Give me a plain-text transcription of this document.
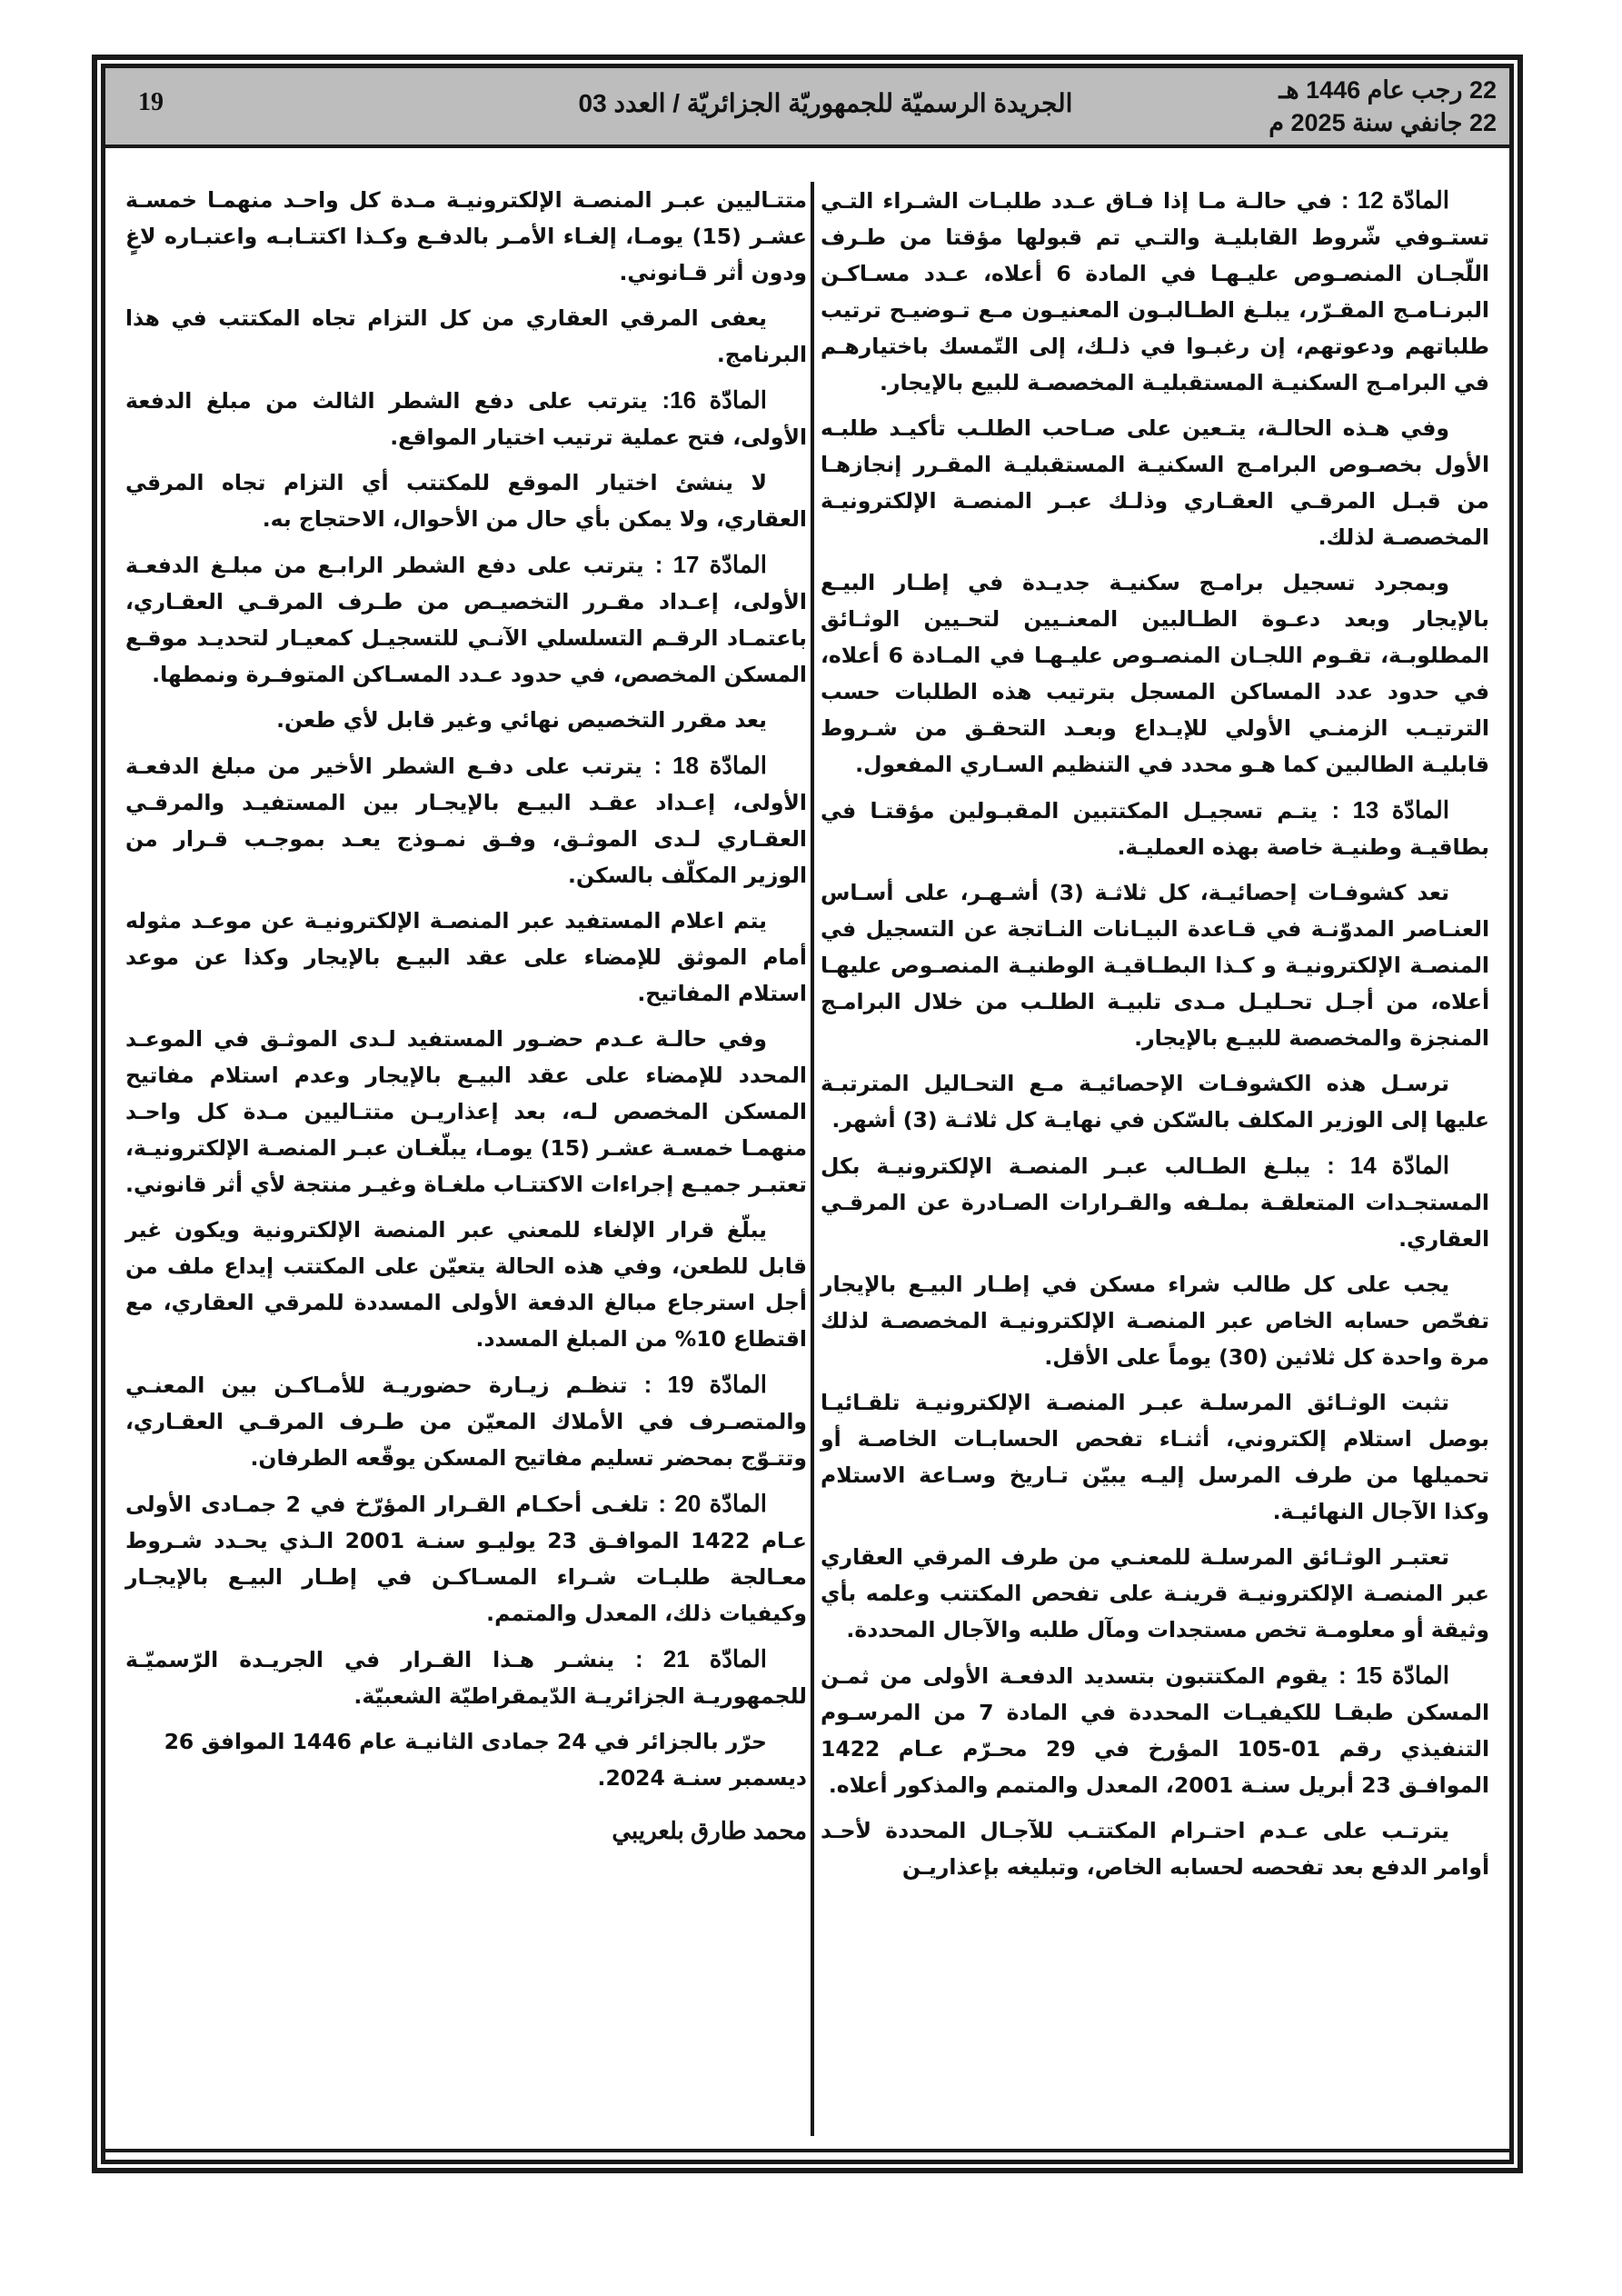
22 رجب عام 1446 هـ
22 جانفي سنة 2025 م
الجريدة الرسميّة للجمهوريّة الجزائريّة / العدد 03
19

المادّة 12 : في حالـة مـا إذا فـاق عـدد طلبـات الشـراء التـي تستـوفي شّروط القابليـة والتـي تم قبولها مؤقتا من طـرف اللّجـان المنصـوص عليـهـا في المادة 6 أعلاه، عـدد مسـاكـن البرنـامـج المقـرّر، يبلـغ الطـالبـون المعنيـون مـع تـوضيـح ترتيب طلباتهم ودعوتهم، إن رغبـوا في ذلـك، إلى التّمسك باختيارهـم في البرامـج السكنيـة المستقبليـة المخصصـة للبيع بالإيجار.

وفي هـذه الحالـة، يتـعين على صـاحب الطلـب تأكيـد طلبـه الأول بخصـوص البرامـج السكنيـة المستقبليـة المقـرر إنجازهـا من قبـل المرقـي العقـاري وذلـك عبـر المنصـة الإلكترونيـة المخصصـة لذلك.

وبمجرد تسجيل برامـج سكنيـة جديـدة في إطـار البيـع بالإيجار وبعد دعـوة الطـالبين المعنـيين لتحـيين الوثـائق المطلوبـة، تقـوم اللجـان المنصـوص عليـهـا في المـادة 6 أعلاه، في حدود عدد المساكن المسجل بترتيب هذه الطلبات حسب الترتيـب الزمنـي الأولي للإيـداع وبعـد التحقـق من شـروط قابليـة الطالبين كما هـو محدد في التنظيم السـاري المفعول.

المادّة 13 : يتـم تسجيـل المكتتبين المقبـولين مؤقتـا في بطاقيـة وطنيـة خاصة بهذه العمليـة.

تعد كشوفـات إحصائيـة، كل ثلاثـة (3) أشـهـر، على أسـاس العنـاصر المدوّنـة في قـاعدة البيـانات النـاتجة عن التسجيل في المنصـة الإلكترونيـة و كـذا البطـاقيـة الوطنيـة المنصـوص عليهـا أعلاه، من أجـل تحـليـل مـدى تلبيـة الطلـب من خلال البرامـج المنجزة والمخصصة للبيـع بالإيجار.

ترسـل هذه الكشوفـات الإحصائيـة مـع التحـاليل المترتبـة عليها إلى الوزير المكلف بالسّكن في نهايـة كل ثلاثـة (3) أشهر.

المادّة 14 : يبلـغ الطـالب عبـر المنصـة الإلكترونيـة بكل المستجـدات المتعلقـة بملـفه والقـرارات الصـادرة عن المرقـي العقاري.

يجب على كل طالب شراء مسكن في إطـار البيـع بالإيجار تفحّص حسابه الخاص عبر المنصـة الإلكترونيـة المخصصـة لذلك مرة واحدة كل ثلاثين (30) يوماً على الأقل.

تثبت الوثـائق المرسلـة عبـر المنصـة الإلكترونيـة تلقـائيـا بوصل استلام إلكتروني، أثنـاء تفحص الحسابـات الخاصـة أو تحميلها من طرف المرسل إليـه يبيّن تـاريخ وسـاعة الاستلام وكذا الآجال النهائيـة.

تعتبـر الوثـائق المرسلـة للمعنـي من طرف المرقي العقاري عبر المنصـة الإلكترونيـة قرينـة على تفحص المكتتب وعلمه بأي وثيقة أو معلومـة تخص مستجدات ومآل طلبه والآجال المحددة.

المادّة 15 : يقوم المكتتبون بتسديد الدفعـة الأولى من ثمـن المسكن طبقـا للكيفيـات المحددة في المادة 7 من المرسـوم التنفيذي رقم 01-105 المؤرخ في 29 محـرّم عـام 1422 الموافـق 23 أبريل سنـة 2001، المعدل والمتمم والمذكور أعلاه.

يترتـب على عـدم احتـرام المكتتـب للآجـال المحددة لأحـد أوامر الدفع بعد تفحصه لحسابه الخاص، وتبليغه بإعذاريـن

متتـاليين عبـر المنصـة الإلكترونيـة مـدة كل واحـد منهمـا خمسـة عشـر (15) يومـا، إلغـاء الأمـر بالدفـع وكـذا اكتتـابـه واعتبـاره لاغٍ ودون أثر قـانوني.

يعفى المرقي العقاري من كل التزام تجاه المكتتب في هذا البرنامج.

المادّة 16: يترتب على دفع الشطر الثالث من مبلغ الدفعة الأولى، فتح عملية ترتيب اختيار المواقع.

لا ينشئ اختيار الموقع للمكتتب أي التزام تجاه المرقي العقاري، ولا يمكن بأي حال من الأحوال، الاحتجاج به.

المادّة 17 : يترتب على دفع الشطر الرابـع من مبلـغ الدفعـة الأولى، إعـداد مقـرر التخصيـص من طـرف المرقـي العقـاري، باعتمـاد الرقـم التسلسلي الآنـي للتسجيـل كمعيـار لتحديـد موقـع المسكن المخصص، في حدود عـدد المسـاكن المتوفـرة ونمطها.

يعد مقرر التخصيص نهائي وغير قابل لأي طعن.

المادّة 18 : يترتب على دفـع الشطر الأخير من مبلغ الدفعـة الأولى، إعـداد عقـد البيـع بالإيجـار بين المستفيـد والمرقـي العقـاري لـدى الموثـق، وفـق نمـوذج يعـد بموجـب قـرار من الوزير المكلّف بالسكن.

يتم اعلام المستفيد عبر المنصـة الإلكترونيـة عن موعـد مثوله أمام الموثق للإمضاء على عقد البيـع بالإيجار وكذا عن موعد استلام المفاتيح.

وفي حالـة عـدم حضـور المستفيد لـدى الموثـق في الموعـد المحدد للإمضاء على عقد البيـع بالإيجار وعدم استلام مفاتيح المسكن المخصص لـه، بعد إعذاريـن متتـاليين مـدة كل واحـد منهمـا خمسـة عشـر (15) يومـا، يبلّغـان عبـر المنصـة الإلكترونيـة، تعتبـر جميـع إجراءات الاكتتـاب ملغـاة وغيـر منتجة لأي أثر قانوني.

يبلّغ قرار الإلغاء للمعني عبر المنصة الإلكترونية ويكون غير قابل للطعن، وفي هذه الحالة يتعيّن على المكتتب إيداع ملف من أجل استرجاع مبالغ الدفعة الأولى المسددة للمرقي العقاري، مع اقتطاع 10% من المبلغ المسدد.

المادّة 19 : تنظـم زيـارة حضوريـة للأمـاكـن بين المعنـي والمتصـرف في الأملاك المعيّن من طـرف المرقـي العقـاري، وتتـوّج بمحضر تسليم مفاتيح المسكن يوقّعه الطرفان.

المادّة 20 : تلغـى أحكـام القـرار المؤرّخ في 2 جمـادى الأولى عـام 1422 الموافـق 23 يوليـو سنـة 2001 الـذي يحـدد شـروط معـالجة طلبـات شـراء المسـاكـن في إطـار البيـع بالإيجـار وكيفيات ذلك، المعدل والمتمم.

المادّة 21 : ينشـر هـذا القـرار في الجريـدة الرّسميّـة للجمهوريـة الجزائريـة الدّيمقراطيّة الشعبيّة.

حرّر بالجزائر في 24 جمادى الثانيـة عام 1446 الموافق 26 ديسمبر سنـة 2024.

محمد طارق بلعريبي
